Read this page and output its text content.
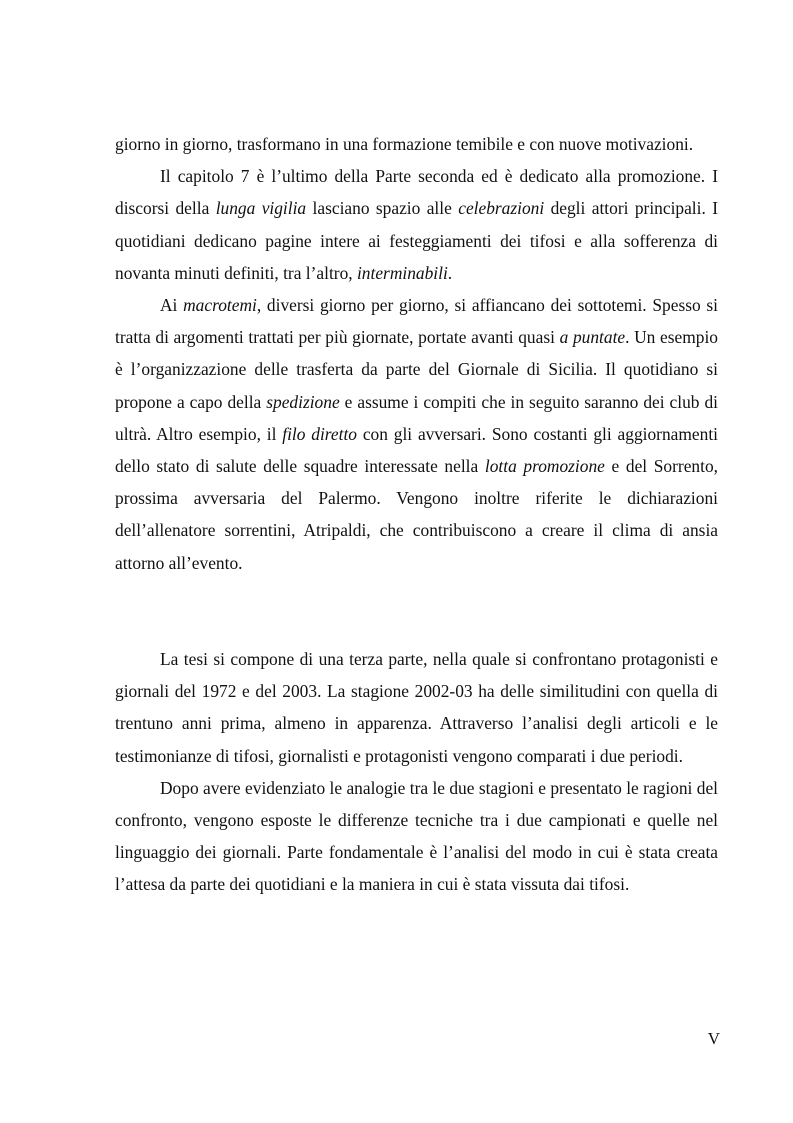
giorno in giorno, trasformano in una formazione temibile e con nuove motivazioni.

Il capitolo 7 è l’ultimo della Parte seconda ed è dedicato alla promozione. I discorsi della lunga vigilia lasciano spazio alle celebrazioni degli attori principali. I quotidiani dedicano pagine intere ai festeggiamenti dei tifosi e alla sofferenza di novanta minuti definiti, tra l’altro, interminabili.

Ai macrotemi, diversi giorno per giorno, si affiancano dei sottotemi. Spesso si tratta di argomenti trattati per più giornate, portate avanti quasi a puntate. Un esempio è l’organizzazione delle trasferta da parte del Giornale di Sicilia. Il quotidiano si propone a capo della spedizione e assume i compiti che in seguito saranno dei club di ultrà. Altro esempio, il filo diretto con gli avversari. Sono costanti gli aggiornamenti dello stato di salute delle squadre interessate nella lotta promozione e del Sorrento, prossima avversaria del Palermo. Vengono inoltre riferite le dichiarazioni dell’allenatore sorrentini, Atripaldi, che contribuiscono a creare il clima di ansia attorno all’evento.

La tesi si compone di una terza parte, nella quale si confrontano protagonisti e giornali del 1972 e del 2003. La stagione 2002-03 ha delle similitudini con quella di trentuno anni prima, almeno in apparenza. Attraverso l’analisi degli articoli e le testimonianze di tifosi, giornalisti e protagonisti vengono comparati i due periodi.

Dopo avere evidenziato le analogie tra le due stagioni e presentato le ragioni del confronto, vengono esposte le differenze tecniche tra i due campionati e quelle nel linguaggio dei giornali. Parte fondamentale è l’analisi del modo in cui è stata creata l’attesa da parte dei quotidiani e la maniera in cui è stata vissuta dai tifosi.

V
